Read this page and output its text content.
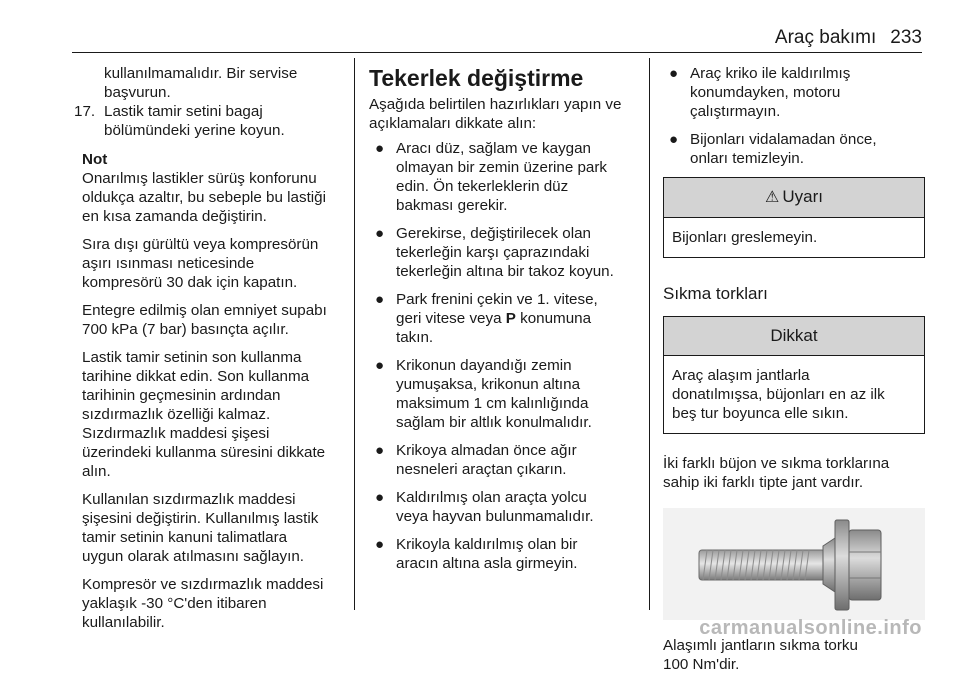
Araç bakımı 233

kullanılmamalıdır. Bir servise
başvurun.

17. Lastik tamir setini bagaj
bölümündeki yerine koyun.

Not

Onarılmış lastikler sürüş konforunu
oldukça azaltır, bu sebeple bu lastiği
en kısa zamanda değiştirin.

Sıra dışı gürültü veya kompresörün
aşırı ısınması neticesinde
kompresörü 30 dak için kapatın.

Entegre edilmiş olan emniyet supabı
700 kPa (7 bar) basınçta açılır.

Lastik tamir setinin son kullanma
tarihine dikkat edin. Son kullanma
tarihinin geçmesinin ardından
sızdırmazlık özelliği kalmaz.
Sızdırmazlık maddesi şişesi
üzerindeki kullanma süresini dikkate
alın.

Kullanılan sızdırmazlık maddesi
şişesini değiştirin. Kullanılmış lastik
tamir setinin kanuni talimatlara
uygun olarak atılmasını sağlayın.

Kompresör ve sızdırmazlık maddesi
yaklaşık -30 °C'den itibaren
kullanılabilir.

Tekerlek değiştirme

Aşağıda belirtilen hazırlıkları yapın ve
açıklamaları dikkate alın:

● Aracı düz, sağlam ve kaygan
olmayan bir zemin üzerine park
edin. Ön tekerleklerin düz
bakması gerekir.
● Gerekirse, değiştirilecek olan
tekerleğin karşı çaprazındaki
tekerleğin altına bir takoz koyun.
● Park frenini çekin ve 1. vitese,
geri vitese veya P konumuna
takın.
● Krikonun dayandığı zemin
yumuşaksa, krikonun altına
maksimum 1 cm kalınlığında
sağlam bir altlık konulmalıdır.
● Krikoya almadan önce ağır
nesneleri araçtan çıkarın.
● Kaldırılmış olan araçta yolcu
veya hayvan bulunmamalıdır.
● Krikoyla kaldırılmış olan bir
aracın altına asla girmeyin.
● Araç kriko ile kaldırılmış
konumdayken, motoru
çalıştırmayın.
● Bijonları vidalamadan önce,
onları temizleyin.
⚠ Uyarı
Bijonları greslemeyin.
Sıkma torkları
Dikkat
Araç alaşım jantlarla
donatılmışsa, büjonları en az ilk
beş tur boyunca elle sıkın.

İki farklı büjon ve sıkma torklarına
sahip iki farklı tipte jant vardır.

Alaşımlı jantların sıkma torku
100 Nm'dir.

carmanualsonline.info
